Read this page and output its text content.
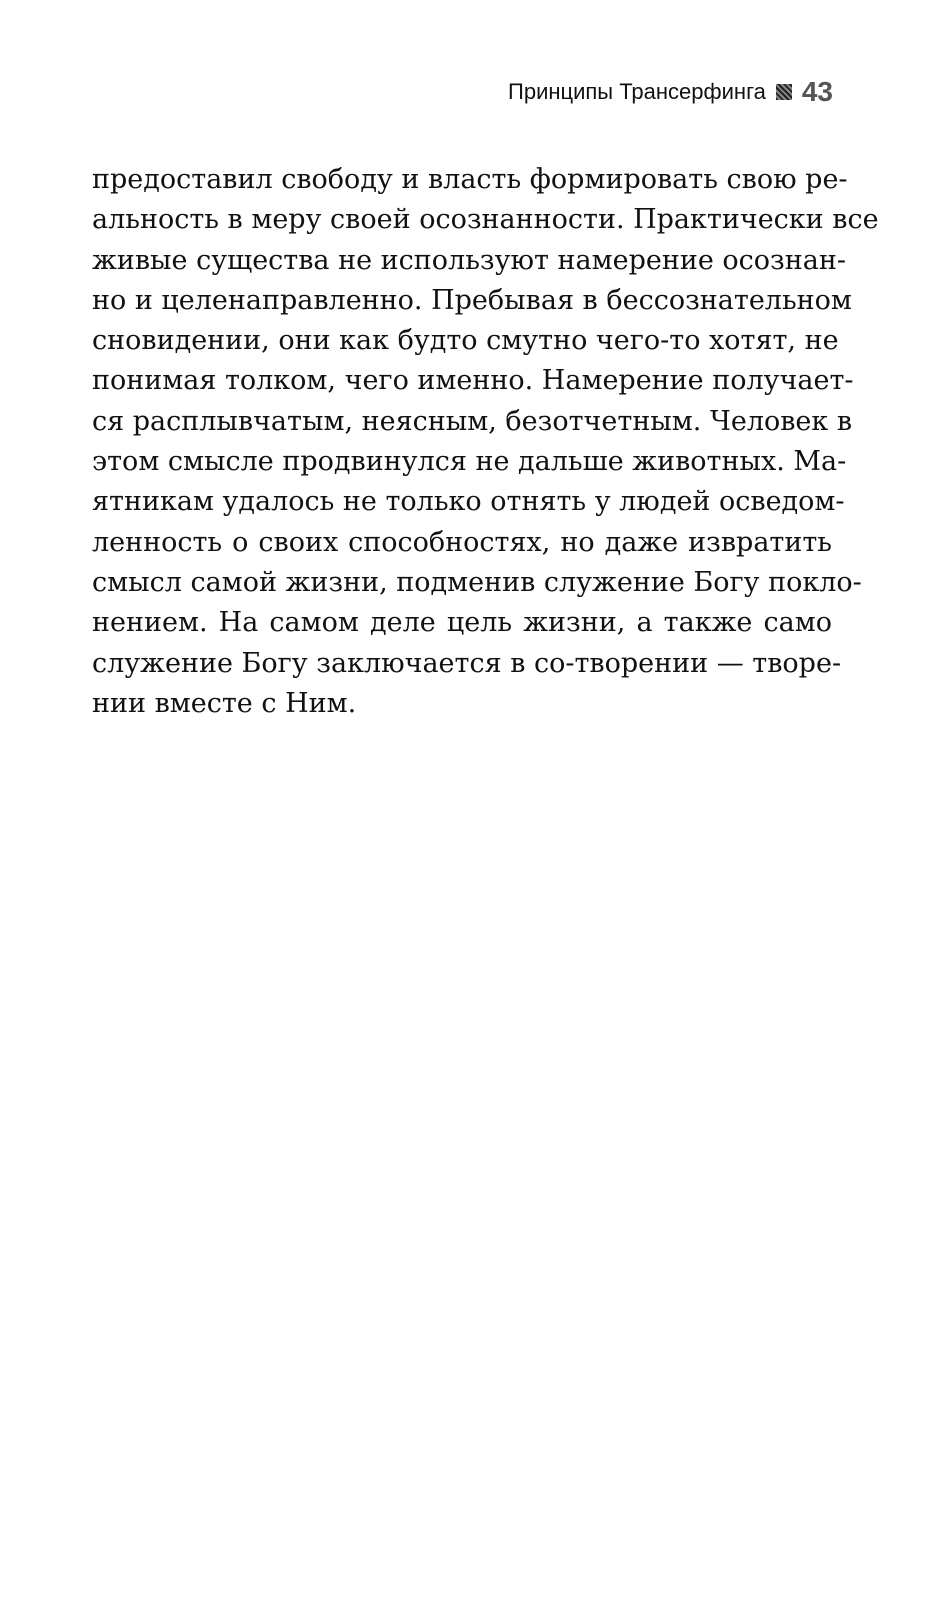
Принципы Трансерфинга 43
предоставил свободу и власть формировать свою ре-
альность в меру своей осознанности. Практически все
живые существа не используют намерение осознан-
но и целенаправленно. Пребывая в бессознательном
сновидении, они как будто смутно чего-то хотят, не
понимая толком, чего именно. Намерение получает-
ся расплывчатым, неясным, безотчетным. Человек в
этом смысле продвинулся не дальше животных. Ма-
ятникам удалось не только отнять у людей осведом-
ленность о своих способностях, но даже извратить
смысл самой жизни, подменив служение Богу покло-
нением. На самом деле цель жизни, а также само
служение Богу заключается в со-творении — творе-
нии вместе с Ним.
